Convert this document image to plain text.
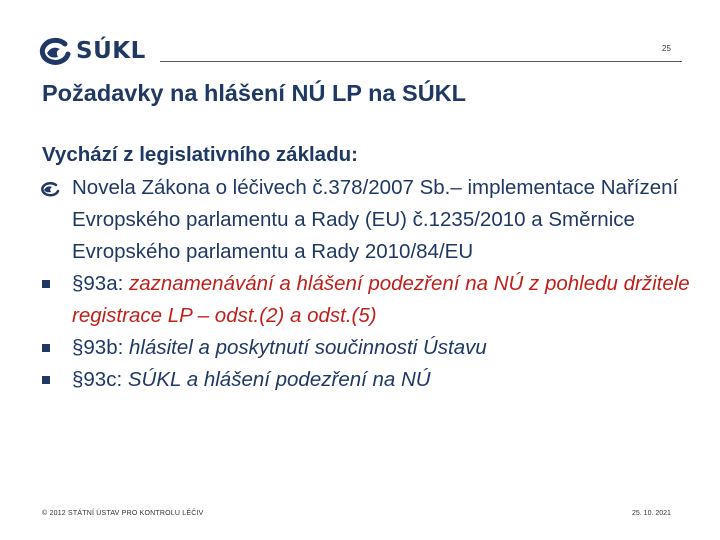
SÚKL	25
Požadavky na hlášení NÚ LP na SÚKL
Vychází z legislativního základu:
Novela Zákona o léčivech č.378/2007 Sb.– implementace Nařízení Evropského parlamentu a Rady (EU) č.1235/2010 a Směrnice Evropského parlamentu a Rady 2010/84/EU
§93a: zaznamenávání a hlášení podezření na NÚ z pohledu držitele registrace LP – odst.(2) a odst.(5)
§93b: hlásitel a poskytnutí součinnosti Ústavu
§93c: SÚKL a hlášení podezření na NÚ
© 2012 STÁTNÍ ÚSTAV PRO KONTROLU LÉČIV	25. 10. 2021
